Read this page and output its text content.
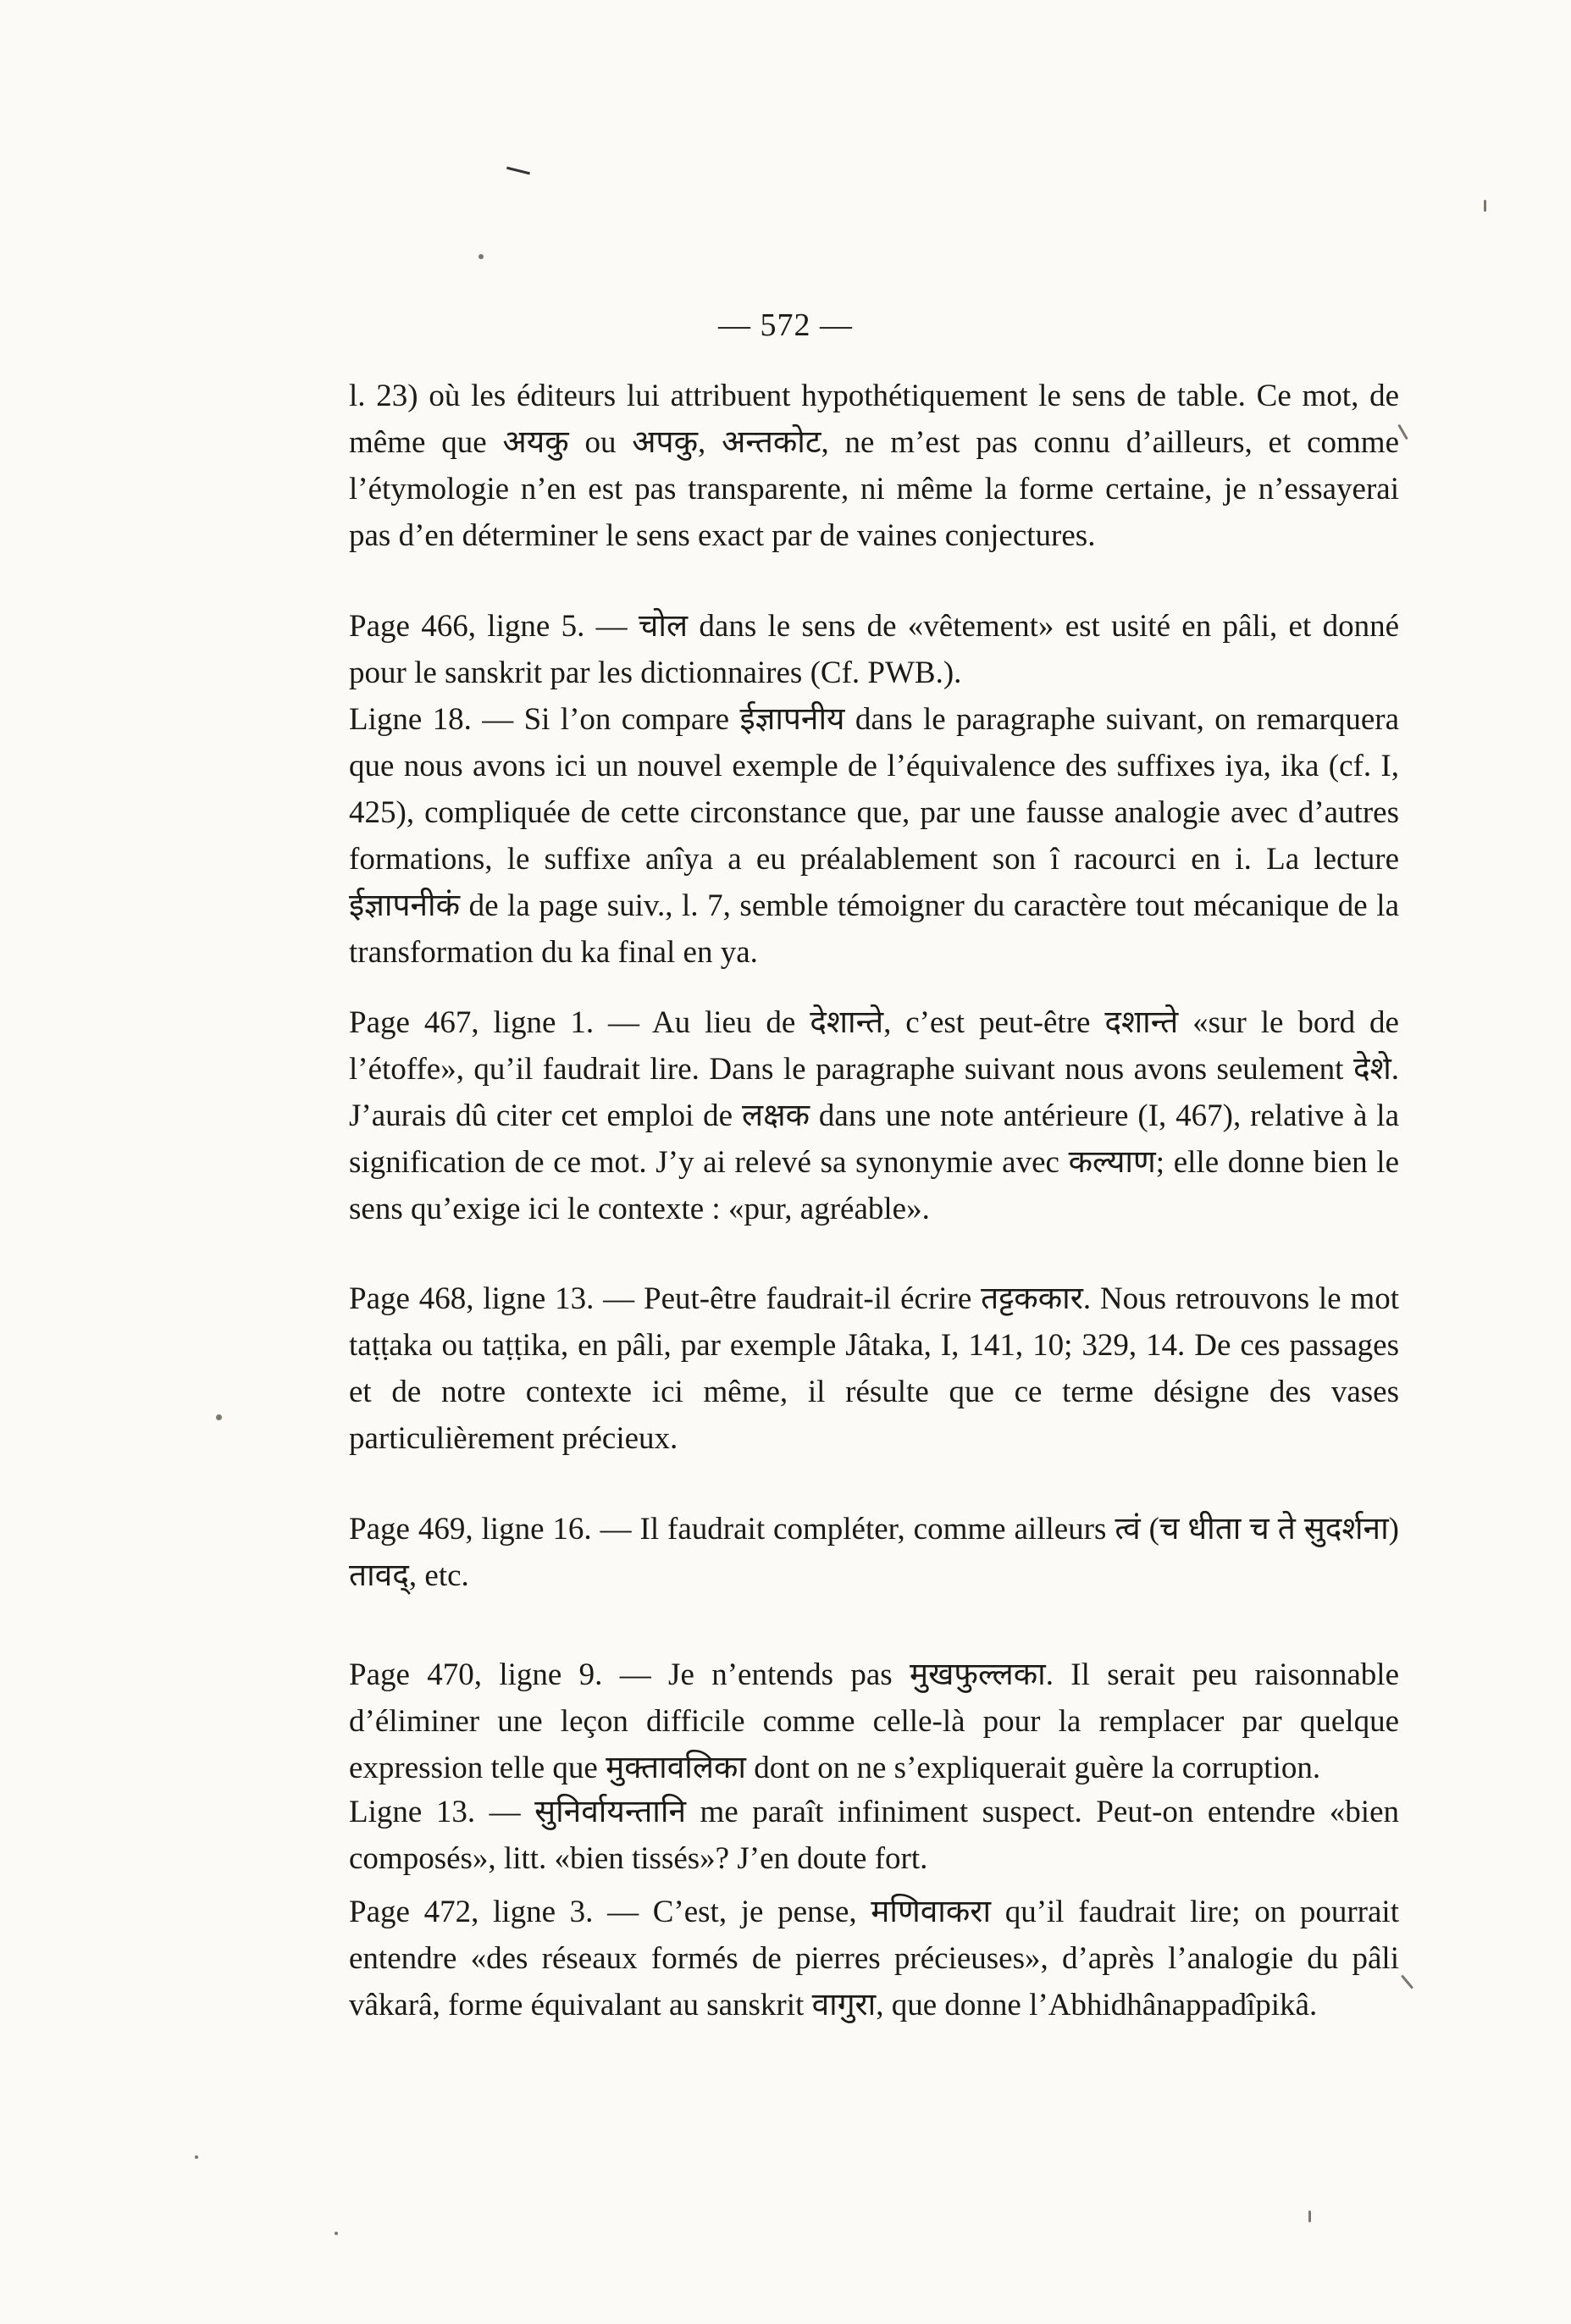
— 572 —

l. 23) où les éditeurs lui attribuent hypothétiquement le sens de table. Ce mot, de même que अयकु ou अपकु, अन्तकोट, ne m’est pas connu d’ailleurs, et comme l’étymologie n’en est pas transparente, ni même la forme certaine, je n’essayerai pas d’en déterminer le sens exact par de vaines conjectures.

Page 466, ligne 5. — चोल dans le sens de «vêtement» est usité en pâli, et donné pour le sanskrit par les dictionnaires (Cf. PWB.).

Ligne 18. — Si l’on compare ईज्ञापनीय dans le paragraphe suivant, on remarquera que nous avons ici un nouvel exemple de l’équivalence des suffixes iya, ika (cf. I, 425), compliquée de cette circonstance que, par une fausse analogie avec d’autres formations, le suffixe anîya a eu préalablement son î racourci en i. La lecture ईज्ञापनीकं de la page suiv., l. 7, semble témoigner du caractère tout mécanique de la transformation du ka final en ya.

Page 467, ligne 1. — Au lieu de देशान्ते, c’est peut-être दशान्ते «sur le bord de l’étoffe», qu’il faudrait lire. Dans le paragraphe suivant nous avons seulement देशे. J’aurais dû citer cet emploi de लक्षक dans une note antérieure (I, 467), relative à la signification de ce mot. J’y ai relevé sa synonymie avec कल्याण; elle donne bien le sens qu’exige ici le contexte : «pur, agréable».

Page 468, ligne 13. — Peut-être faudrait-il écrire तट्टककार. Nous retrouvons le mot taṭṭaka ou taṭṭika, en pâli, par exemple Jâtaka, I, 141, 10; 329, 14. De ces passages et de notre contexte ici même, il résulte que ce terme désigne des vases particulièrement précieux.

Page 469, ligne 16. — Il faudrait compléter, comme ailleurs त्वं (च धीता च ते सुदर्शना) तावद्, etc.

Page 470, ligne 9. — Je n’entends pas मुखफुल्लका. Il serait peu raisonnable d’éliminer une leçon difficile comme celle-là pour la remplacer par quelque expression telle que मुक्तावलिका dont on ne s’expliquerait guère la corruption.

Ligne 13. — सुनिर्वायन्तानि me paraît infiniment suspect. Peut-on entendre «bien composés», litt. «bien tissés»? J’en doute fort.

Page 472, ligne 3. — C’est, je pense, मणिवाकरा qu’il faudrait lire; on pourrait entendre «des réseaux formés de pierres précieuses», d’après l’analogie du pâli vâkarâ, forme équivalant au sanskrit वागुरा, que donne l’Abhidhânappadîpikâ.
